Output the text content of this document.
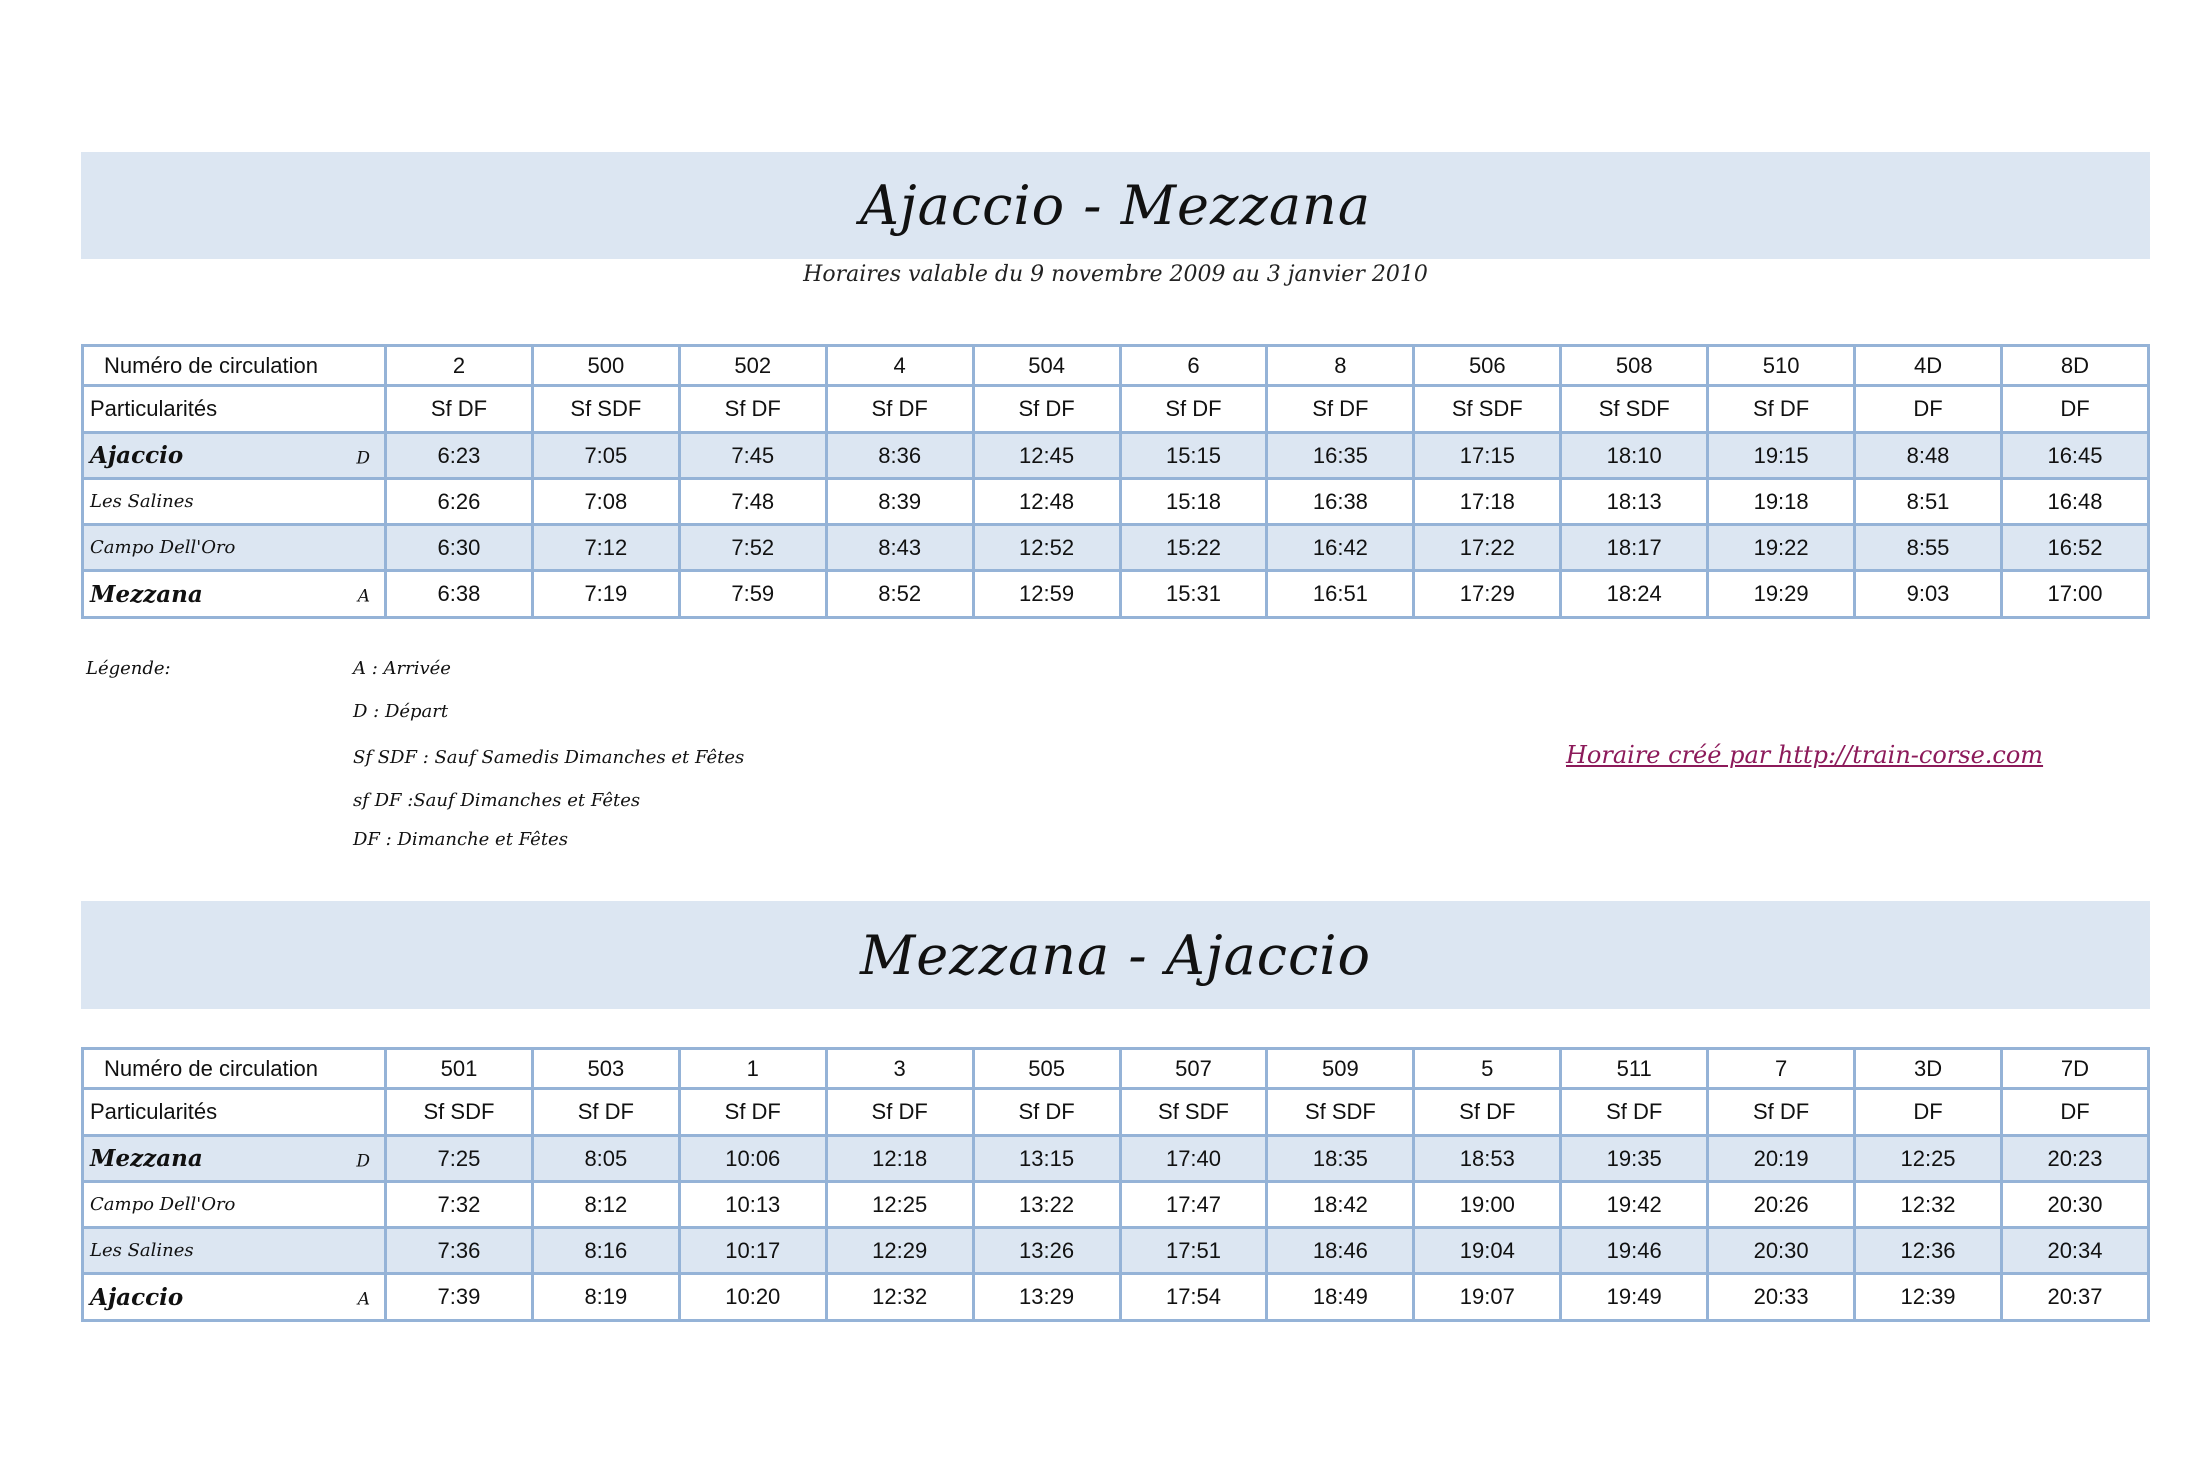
Ajaccio - Mezzana
Horaires valable du 9 novembre 2009 au 3 janvier 2010
Numéro de circulation	2	500	502	4	504	6	8	506	508	510	4D	8D
Particularités	Sf DF	Sf SDF	Sf DF	Sf DF	Sf DF	Sf DF	Sf DF	Sf SDF	Sf SDF	Sf DF	DF	DF
Ajaccio D	6:23	7:05	7:45	8:36	12:45	15:15	16:35	17:15	18:10	19:15	8:48	16:45
Les Salines	6:26	7:08	7:48	8:39	12:48	15:18	16:38	17:18	18:13	19:18	8:51	16:48
Campo Dell'Oro	6:30	7:12	7:52	8:43	12:52	15:22	16:42	17:22	18:17	19:22	8:55	16:52
Mezzana A	6:38	7:19	7:59	8:52	12:59	15:31	16:51	17:29	18:24	19:29	9:03	17:00
Légende:	A : Arrivée
D : Départ
Sf SDF : Sauf Samedis Dimanches et Fêtes
sf DF :Sauf Dimanches et Fêtes
DF : Dimanche et Fêtes
Horaire créé par http://train-corse.com
Mezzana - Ajaccio
Numéro de circulation	501	503	1	3	505	507	509	5	511	7	3D	7D
Particularités	Sf SDF	Sf DF	Sf DF	Sf DF	Sf DF	Sf SDF	Sf SDF	Sf DF	Sf DF	Sf DF	DF	DF
Mezzana D	7:25	8:05	10:06	12:18	13:15	17:40	18:35	18:53	19:35	20:19	12:25	20:23
Campo Dell'Oro	7:32	8:12	10:13	12:25	13:22	17:47	18:42	19:00	19:42	20:26	12:32	20:30
Les Salines	7:36	8:16	10:17	12:29	13:26	17:51	18:46	19:04	19:46	20:30	12:36	20:34
Ajaccio A	7:39	8:19	10:20	12:32	13:29	17:54	18:49	19:07	19:49	20:33	12:39	20:37
